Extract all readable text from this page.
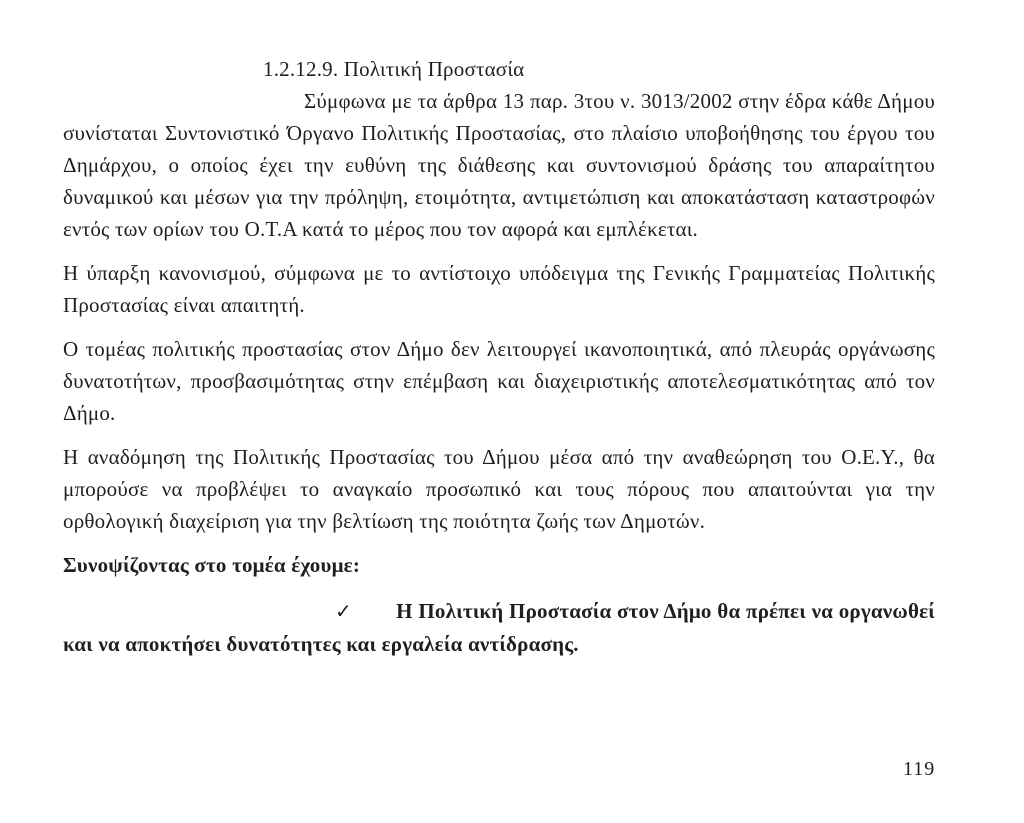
1.2.12.9. Πολιτική Προστασία

Σύμφωνα με τα άρθρα 13 παρ. 3του ν. 3013/2002 στην έδρα κάθε Δήμου συνίσταται Συντονιστικό Όργανο Πολιτικής Προστασίας, στο πλαίσιο υποβοήθησης του έργου του Δημάρχου, ο οποίος έχει την ευθύνη της διάθεσης και συντονισμού δράσης του απαραίτητου δυναμικού και μέσων για την πρόληψη, ετοιμότητα, αντιμετώπιση και αποκατάσταση καταστροφών εντός των ορίων του Ο.Τ.Α κατά το μέρος που τον αφορά και εμπλέκεται.

Η ύπαρξη κανονισμού, σύμφωνα με το αντίστοιχο υπόδειγμα της Γενικής Γραμματείας Πολιτικής Προστασίας είναι απαιτητή.

Ο τομέας πολιτικής προστασίας στον Δήμο δεν λειτουργεί ικανοποιητικά, από πλευράς οργάνωσης δυνατοτήτων, προσβασιμότητας στην επέμβαση και διαχειριστικής αποτελεσματικότητας από τον Δήμο.

Η αναδόμηση της Πολιτικής Προστασίας του Δήμου μέσα από την αναθεώρηση του Ο.Ε.Υ., θα μπορούσε να προβλέψει το αναγκαίο προσωπικό και τους πόρους που απαιτούνται για την ορθολογική διαχείριση για την βελτίωση της ποιότητα ζωής των Δημοτών.

Συνοψίζοντας στο τομέα έχουμε:

✓ Η Πολιτική Προστασία στον Δήμο θα πρέπει να οργανωθεί και να αποκτήσει δυνατότητες και εργαλεία αντίδρασης.

119
